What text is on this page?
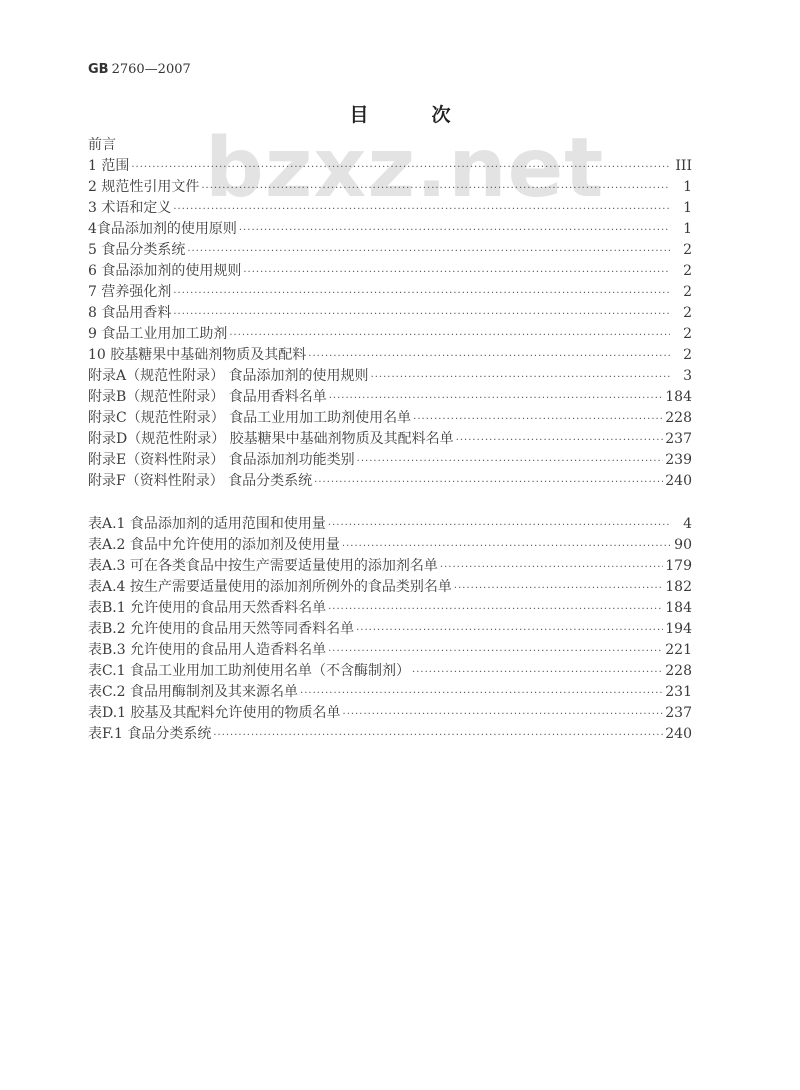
bzxz.net
GB 2760—2007
目　次
前言
1 范围 ·····	III
2 规范性引用文件 ·····	1
3 术语和定义 ·····	1
4食品添加剂的使用原则 ·····	1
5 食品分类系统 ·····	2
6 食品添加剂的使用规则 ·····	2
7 营养强化剂 ·····	2
8 食品用香料 ·····	2
9 食品工业用加工助剂 ·····	2
10 胶基糖果中基础剂物质及其配料 ·····	2
附录A（规范性附录） 食品添加剂的使用规则 ·····	3
附录B（规范性附录） 食品用香料名单 ·····	184
附录C（规范性附录） 食品工业用加工助剂使用名单 ·····	228
附录D（规范性附录） 胶基糖果中基础剂物质及其配料名单 ·····	237
附录E（资料性附录） 食品添加剂功能类别 ·····	239
附录F（资料性附录） 食品分类系统 ·····	240
表A.1 食品添加剂的适用范围和使用量 ·····	4
表A.2 食品中允许使用的添加剂及使用量 ·····	90
表A.3 可在各类食品中按生产需要适量使用的添加剂名单 ·····	179
表A.4 按生产需要适量使用的添加剂所例外的食品类别名单 ·····	182
表B.1 允许使用的食品用天然香料名单 ·····	184
表B.2 允许使用的食品用天然等同香料名单 ·····	194
表B.3 允许使用的食品用人造香料名单 ·····	221
表C.1 食品工业用加工助剂使用名单（不含酶制剂） ·····	228
表C.2 食品用酶制剂及其来源名单 ·····	231
表D.1 胶基及其配料允许使用的物质名单 ·····	237
表F.1 食品分类系统 ·····	240
